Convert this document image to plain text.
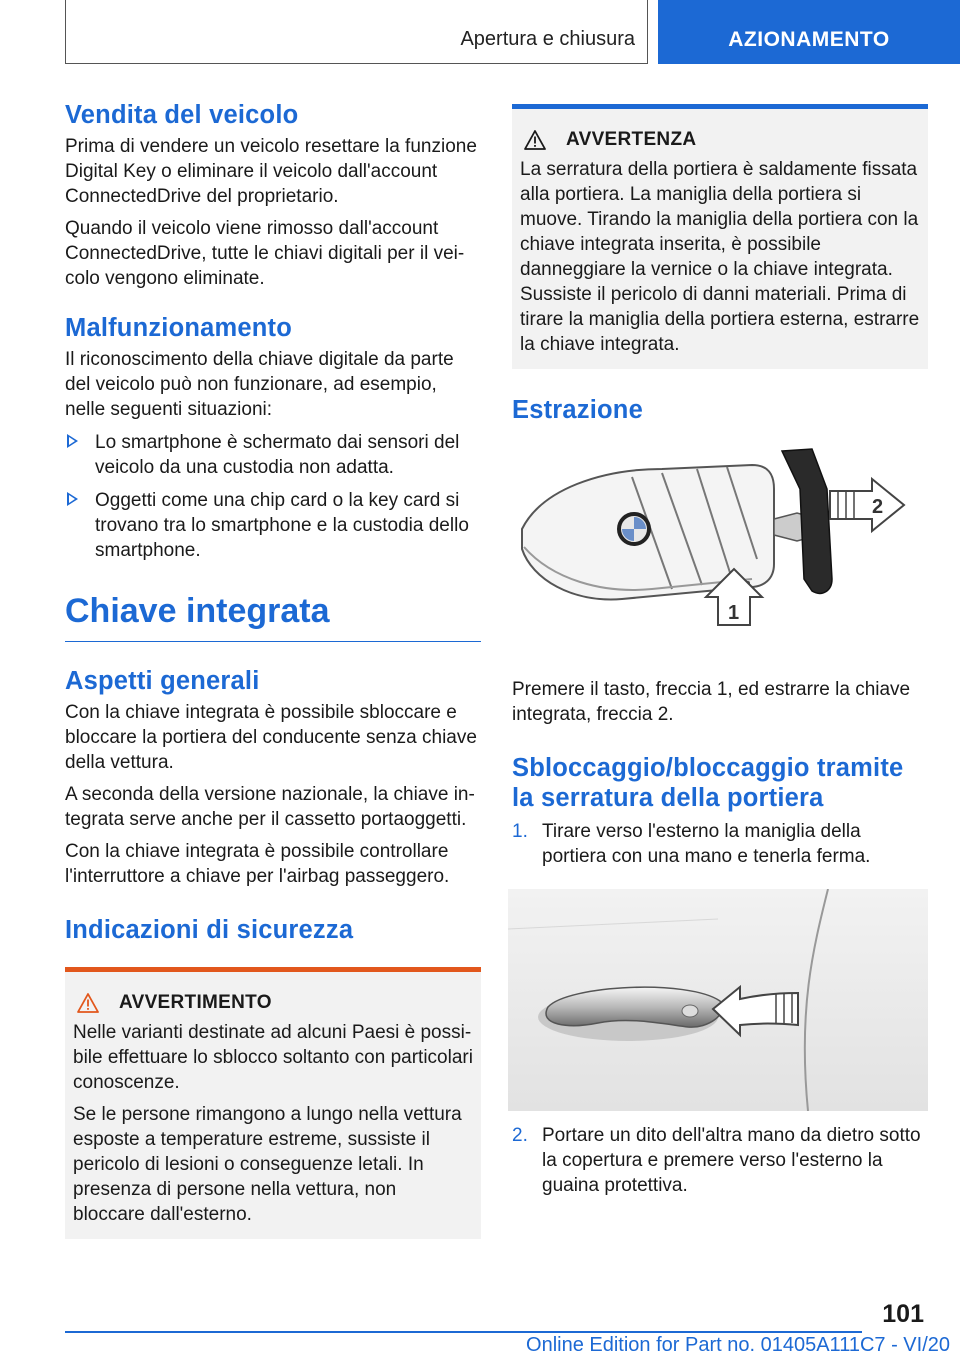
Apertura e chiusura	AZIONAMENTO
Vendita del veicolo

Prima di vendere un veicolo resettare la funzione Digital Key o eliminare il veicolo dall'account ConnectedDrive del proprietario.

Quando il veicolo viene rimosso dall'account ConnectedDrive, tutte le chiavi digitali per il veicolo vengono eliminate.

Malfunzionamento

Il riconoscimento della chiave digitale da parte del veicolo può non funzionare, ad esempio, nelle seguenti situazioni:

Lo smartphone è schermato dai sensori del veicolo da una custodia non adatta.
Oggetti come una chip card o la key card si trovano tra lo smartphone e la custodia dello smartphone.
Chiave integrata
Aspetti generali

Con la chiave integrata è possibile sbloccare e bloccare la portiera del conducente senza chiave della vettura.

A seconda della versione nazionale, la chiave integrata serve anche per il cassetto portaoggetti.

Con la chiave integrata è possibile controllare l'interruttore a chiave per l'airbag passeggero.

Indicazioni di sicurezza
AVVERTIMENTO

Nelle varianti destinate ad alcuni Paesi è possibile effettuare lo sblocco soltanto con particolari conoscenze.

Se le persone rimangono a lungo nella vettura esposte a temperature estreme, sussiste il pericolo di lesioni o conseguenze letali. In presenza di persone nella vettura, non bloccare dall'esterno.

AVVERTENZA

La serratura della portiera è saldamente fissata alla portiera. La maniglia della portiera si muove. Tirando la maniglia della portiera con la chiave integrata inserita, è possibile danneggiare la vernice o la chiave integrata. Sussiste il pericolo di danni materiali. Prima di tirare la maniglia della portiera esterna, estrarre la chiave integrata.

Estrazione
2
1

Premere il tasto, freccia 1, ed estrarre la chiave integrata, freccia 2.

Sbloccaggio/bloccaggio tramite la serratura della portiera
1. Tirare verso l'esterno la maniglia della portiera con una mano e tenerla ferma.
2. Portare un dito dell'altra mano da dietro sotto la copertura e premere verso l'esterno la guaina protettiva.
101
Online Edition for Part no. 01405A111C7 - VI/20
